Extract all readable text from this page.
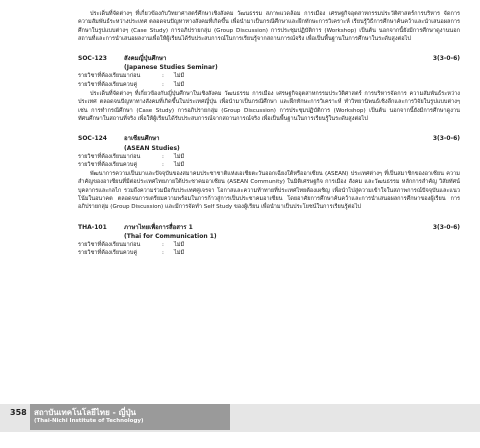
ประเด็นที่จัดต่างๆ ที่เกี่ยวข้องกับวิทยาศาสตร์ศึกษาเชิงสังคม วัฒนธรรม สภาพแวดล้อม การเมือง เศรษฐกิจอุตสาหกรรมประวัติศาสตร์การบริหาร จัดการความสัมพันธ์ระหว่างประเทศ ตลอดจนปัญหาทางสังคมที่เกิดขึ้น เพื่อนำมาเป็นกรณีศึกษาและฝึกทักษะการวิเคราะห์ เรียนรู้วิธีการศึกษาค้นคว้าและนำเสนอผลการศึกษาในรูปแบบต่างๆ (Case Study) การอภิปรายกลุ่ม (Group Discussion) การประชุมปฏิบัติการ (Workshop) เป็นต้น นอกจากนี้ยังมีการศึกษาดูงานนอกสถานที่และการนำเสนอผลงานเพื่อให้ผู้เรียนได้รับประสบการณ์ในการเรียนรู้จากสถานการณ์จริง เพื่อเป็นพื้นฐานในการศึกษาในระดับสูงต่อไป

SOC-123	สังคมญี่ปุ่นศึกษา	3(3-0-6)
(Japanese Studies Seminar)
รายวิชาที่ต้องเรียนมาก่อน	:	ไม่มี
รายวิชาที่ต้องเรียนควบคู่	:	ไม่มี

ประเด็นที่จัดต่างๆ ที่เกี่ยวข้องกับญี่ปุ่นศึกษาในเชิงสังคม วัฒนธรรม การเมือง เศรษฐกิจอุตสาหกรรมประวัติศาสตร์ การบริหารจัดการ ความสัมพันธ์ระหว่างประเทศ ตลอดจนปัญหาทางสังคมที่เกิดขึ้นในประเทศญี่ปุ่น เพื่อนำมาเป็นกรณีศึกษา และฝึกทักษะการวิเคราะห์ ทำวิทยานิพนธ์เชิงลึกและการวิจัยในรูปแบบต่างๆ เช่น การทำกรณีศึกษา (Case Study) การอภิปรายกลุ่ม (Group Discussion) การประชุมปฏิบัติการ (Workshop) เป็นต้น นอกจากนี้ยังมีการศึกษาดูงาน ทัศนศึกษาในสถานที่จริง เพื่อให้ผู้เรียนได้รับประสบการณ์จากสถานการณ์จริง เพื่อเป็นพื้นฐานในการเรียนรู้ในระดับสูงต่อไป

SOC-124	อาเซียนศึกษา	3(3-0-6)
(ASEAN Studies)
รายวิชาที่ต้องเรียนมาก่อน	:	ไม่มี
รายวิชาที่ต้องเรียนควบคู่	:	ไม่มี

พัฒนาการความเป็นมาและปัจจุบันของสมาคมประชาชาติแห่งเอเชียตะวันออกเฉียงใต้หรืออาเซียน (ASEAN) ประเทศต่างๆ ที่เป็นสมาชิกของอาเซียน ความสำคัญของอาเซียนที่มีต่อประเทศไทยภายใต้ประชาคมอาเซียน (ASEAN Community) ในมิติเศรษฐกิจ การเมือง สังคม และวัฒนธรรม หลักการสำคัญ วิสัยทัศน์ บุคลากรและกลไก รวมถึงความร่วมมือกับประเทศคู่เจรจา โอกาสและความท้าทายที่ประเทศไทยต้องเผชิญ เพื่อนำไปสู่ความเข้าใจในสภาพการณ์ปัจจุบันและแนวโน้มในอนาคต ตลอดจนการเตรียมความพร้อมในการก้าวสู่การเป็นประชาคมอาเซียน โดยอาศัยการศึกษาค้นคว้าและการนำเสนอผลการศึกษาของผู้เรียน การอภิปรายกลุ่ม (Group Discussion) และมีการจัดทำ Self Study ของผู้เรียน เพื่อนำมาเป็นประโยชน์ในการเรียนรู้ต่อไป

THA-101	ภาษาไทยเพื่อการสื่อสาร 1	3(3-0-6)
(Thai for Communication 1)
รายวิชาที่ต้องเรียนมาก่อน	:	ไม่มี
รายวิชาที่ต้องเรียนควบคู่	:	ไม่มี
358 สถาบันเทคโนโลยีไทย - ญี่ปุ่น
(Thai-Nichi Institute of Technology)
